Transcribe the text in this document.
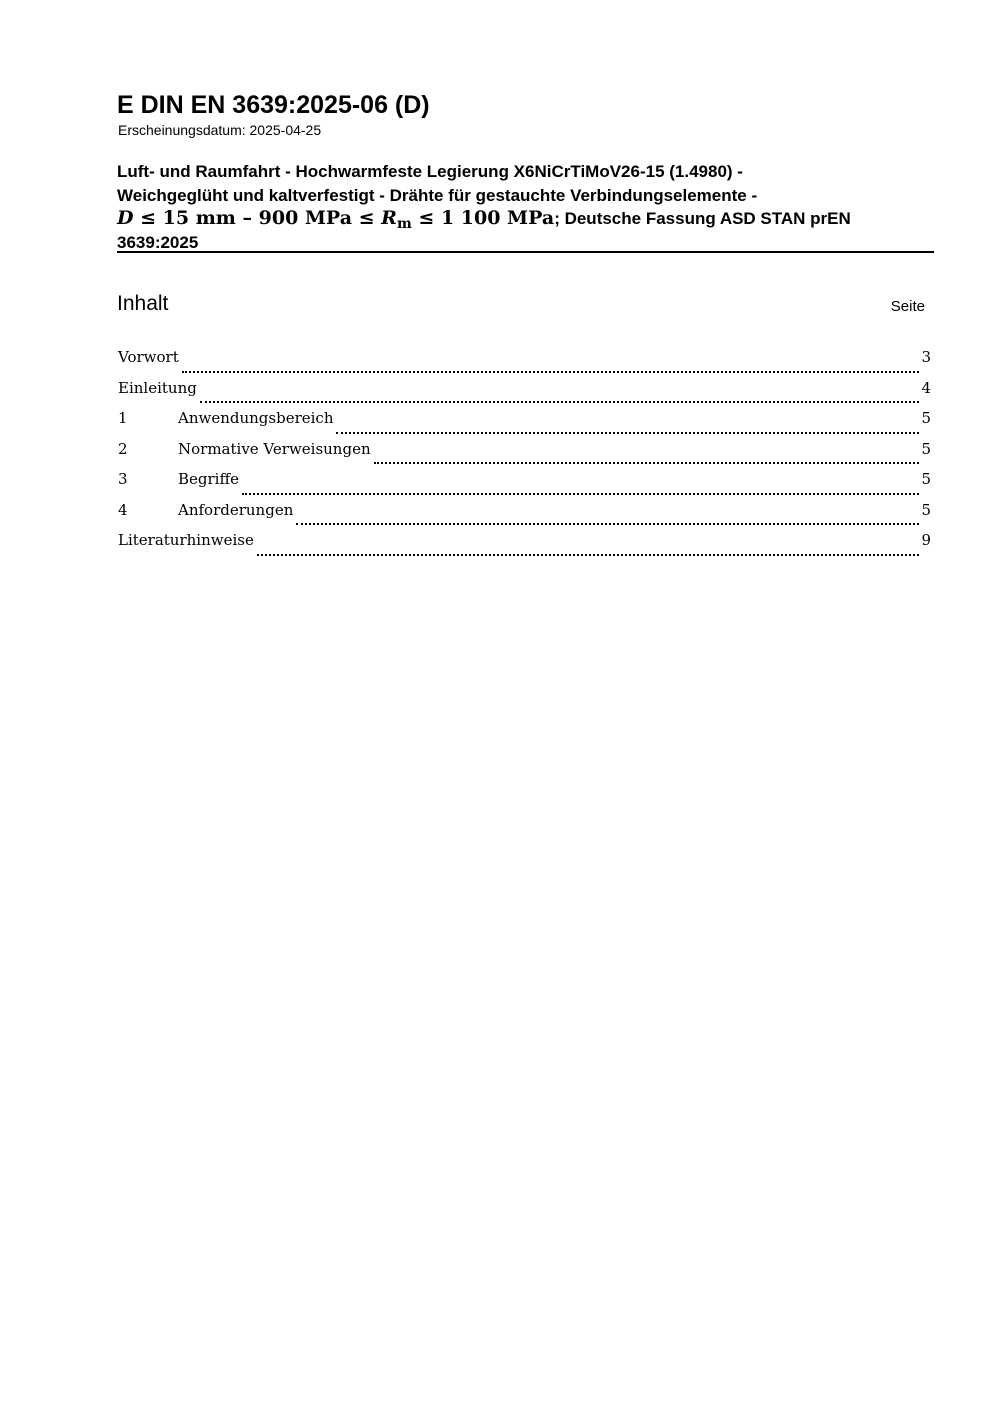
E DIN EN 3639:2025-06 (D)
Erscheinungsdatum: 2025-04-25
Luft- und Raumfahrt - Hochwarmfeste Legierung X6NiCrTiMoV26-15 (1.4980) -
Weichgeglüht und kaltverfestigt - Drähte für gestauchte Verbindungselemente -
D ≤ 15 mm – 900 MPa ≤ $R_m \le 1$ 100 MPa; Deutsche Fassung ASD STAN prEN 3639:2025
Inhalt	Seite
Vorwort	3
Einleitung	4
1	Anwendungsbereich	5
2	Normative Verweisungen	5
3	Begriffe	5
4	Anforderungen	5
Literaturhinweise	9
